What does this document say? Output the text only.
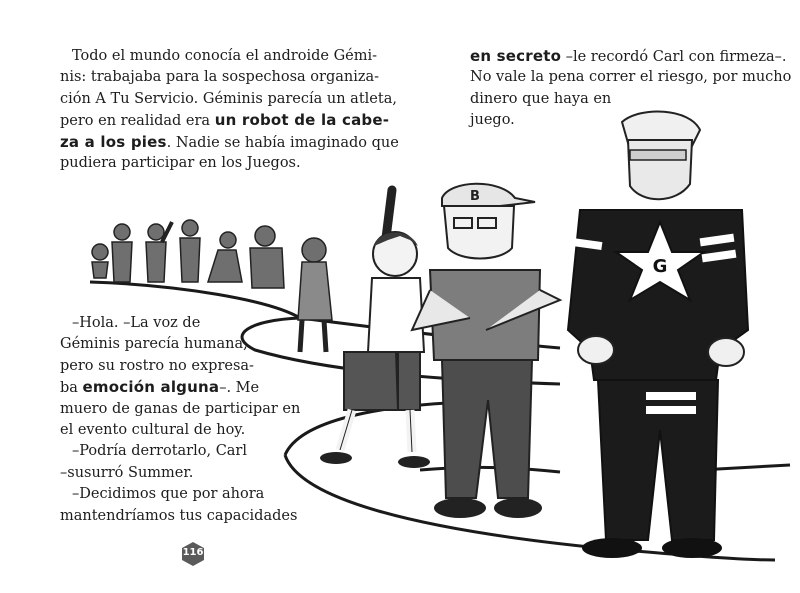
B
G
Todo el mundo conocía el androide Gémi-
nis: trabajaba para la sospechosa organiza-
ción A Tu Servicio. Géminis parecía un atleta,
pero en realidad era un robot de la cabe-
za a los pies. Nadie se había imaginado que
pudiera participar en los Juegos.
en secreto –le recordó Carl con firmeza–.
No vale la pena correr el riesgo, por mucho
dinero que haya en
juego.
–Hola. –La voz de
Géminis parecía humana,
pero su rostro no expresa-
ba emoción alguna–. Me
muero de ganas de participar en
el evento cultural de hoy.
–Podría derrotarlo, Carl
–susurró Summer.
–Decidimos que por ahora
mantendríamos tus capacidades
116
